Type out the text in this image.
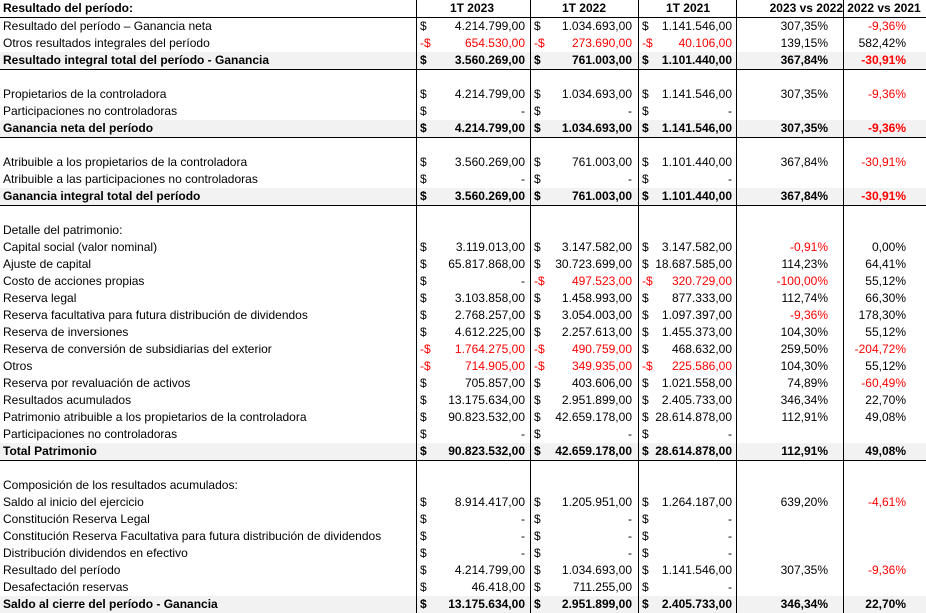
Resultado del período:	1T 2023	1T 2022	1T 2021	2023 vs 2022 2022 vs 2021
Resultado del período – Ganancia neta	$	4.214.799,00 $	1.034.693,00 $	1.141.546,00	307,35%	-9,36%
Otros resultados integrales del período	-$	654.530,00 -$	273.690,00 -$	40.106,00	139,15%	582,42%
Resultado integral total del período - Ganancia	$	3.560.269,00 $	761.003,00 $	1.101.440,00	367,84%	-30,91%
Propietarios de la controladora	$	4.214.799,00 $	1.034.693,00 $	1.141.546,00	307,35%	-9,36%
Participaciones no controladoras	$	- $	- $	-
Ganancia neta del período	$	4.214.799,00 $	1.034.693,00 $	1.141.546,00	307,35%	-9,36%
Atribuible a los propietarios de la controladora	$	3.560.269,00 $	761.003,00 $	1.101.440,00	367,84%	-30,91%
Atribuible a las participaciones no controladoras	$	- $	- $	-
Ganancia integral total del período	$	3.560.269,00 $	761.003,00 $	1.101.440,00	367,84%	-30,91%
Detalle del patrimonio:
Capital social (valor nominal)	$	3.119.013,00 $	3.147.582,00 $	3.147.582,00	-0,91%	0,00%
Ajuste de capital	$	65.817.868,00 $	30.723.699,00 $ 18.687.585,00	114,23%	64,41%
Costo de acciones propias	$	- -$	497.523,00 -$	320.729,00	-100,00%	55,12%
Reserva legal	$	3.103.858,00 $	1.458.993,00 $	877.333,00	112,74%	66,30%
Reserva facultativa para futura distribución de dividendos	$	2.768.257,00 $	3.054.003,00 $	1.097.397,00	-9,36%	178,30%
Reserva de inversiones	$	4.612.225,00 $	2.257.613,00 $	1.455.373,00	104,30%	55,12%
Reserva de conversión de subsidiarias del exterior	-$	1.764.275,00 -$	490.759,00 $	468.632,00	259,50%	-204,72%
Otros	-$	714.905,00 -$	349.935,00 -$	225.586,00	104,30%	55,12%
Reserva por revaluación de activos	$	705.857,00 $	403.606,00 $	1.021.558,00	74,89%	-60,49%
Resultados acumulados	$	13.175.634,00 $	2.951.899,00 $	2.405.733,00	346,34%	22,70%
Patrimonio atribuible a los propietarios de la controladora	$	90.823.532,00 $	42.659.178,00 $ 28.614.878,00	112,91%	49,08%
Participaciones no controladoras	$	- $	- $	-
Total Patrimonio	$	90.823.532,00 $	42.659.178,00 $ 28.614.878,00	112,91%	49,08%
Composición de los resultados acumulados:
Saldo al inicio del ejercicio	$	8.914.417,00 $	1.205.951,00 $	1.264.187,00	639,20%	-4,61%
Constitución Reserva Legal	$	- $	- $	-
Constitución Reserva Facultativa para futura distribución de dividendos	$	- $	- $	-
Distribución dividendos en efectivo	$	- $	- $	-
Resultado del período	$	4.214.799,00 $	1.034.693,00 $	1.141.546,00	307,35%	-9,36%
Desafectación reservas	$	46.418,00 $	711.255,00 $	-
Saldo al cierre del período - Ganancia	$	13.175.634,00 $	2.951.899,00 $	2.405.733,00	346,34%	22,70%
